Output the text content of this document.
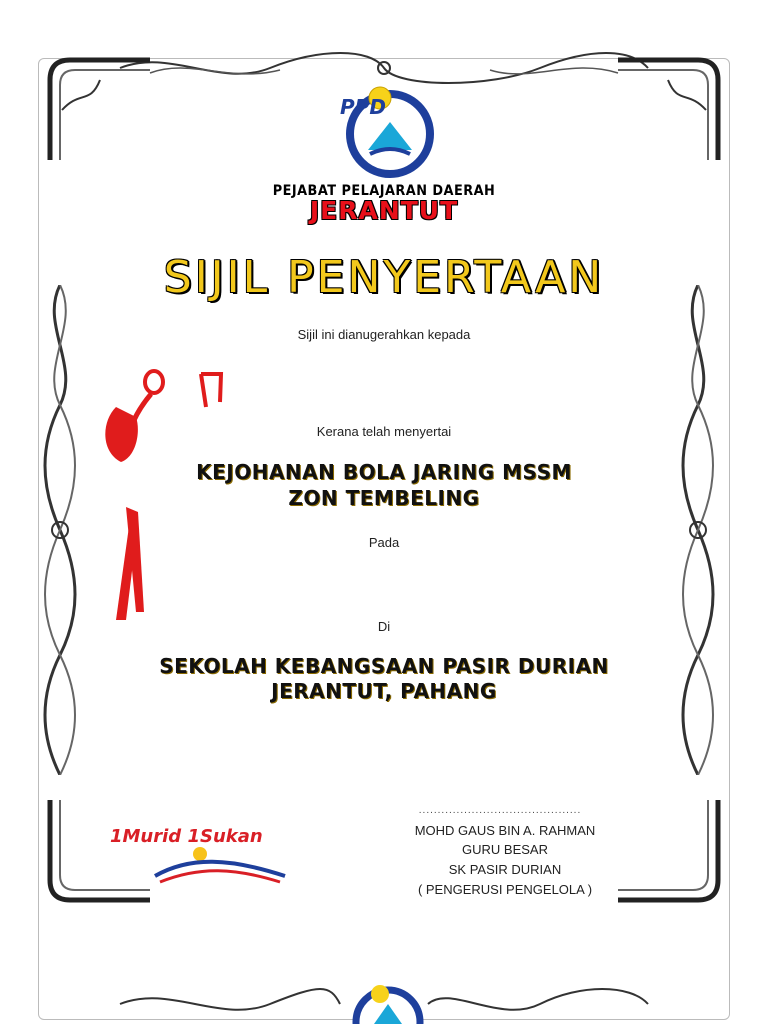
PPD
PEJABAT PELAJARAN DAERAH
JERANTUT
SIJIL PENYERTAAN
Sijil ini dianugerahkan kepada
Kerana telah menyertai
KEJOHANAN BOLA JARING MSSM
ZON TEMBELING
Pada
Di
SEKOLAH KEBANGSAAN PASIR DURIAN
JERANTUT, PAHANG
1Murid 1Sukan
...........................................
MOHD GAUS BIN A. RAHMAN
GURU BESAR
SK PASIR DURIAN
( PENGERUSI PENGELOLA )
